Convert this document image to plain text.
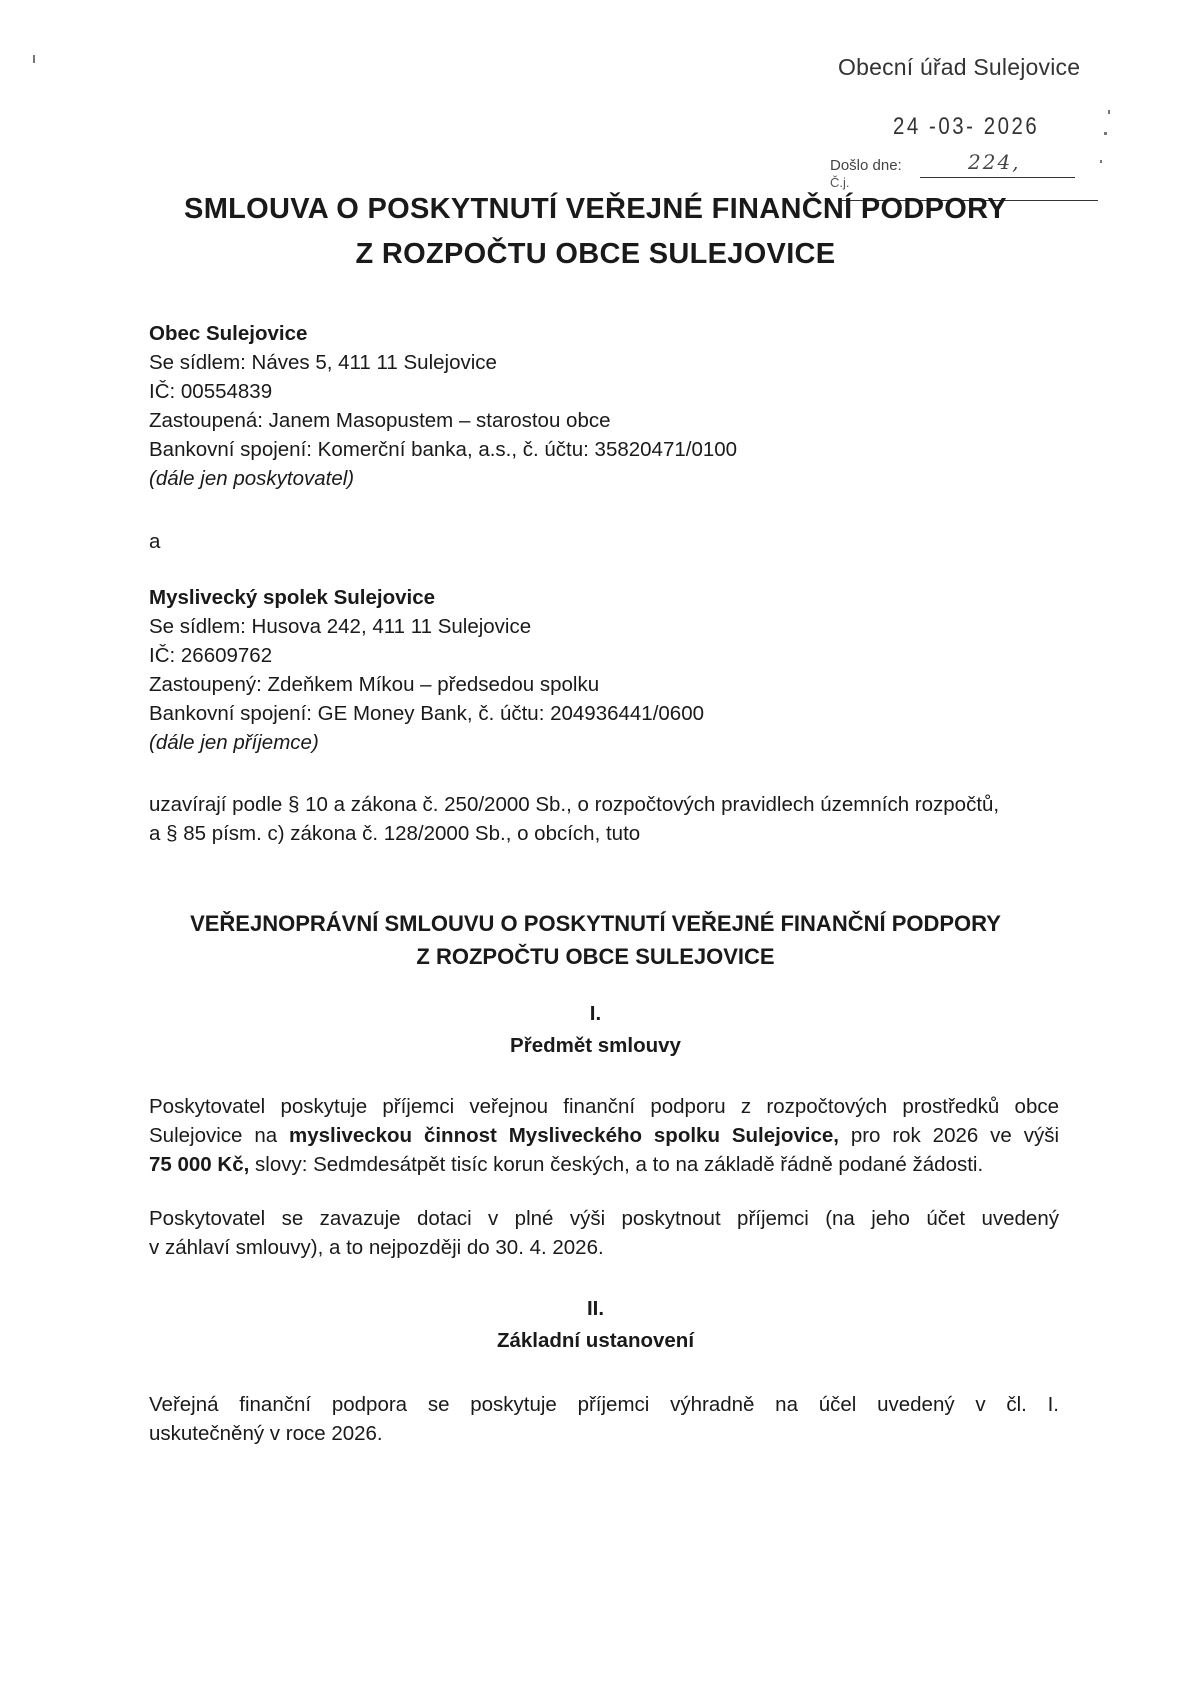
Obecní úřad Sulejovice
24 -03- 2026
Došlo dne:	224,
Č.j.
SMLOUVA O POSKYTNUTÍ VEŘEJNÉ FINANČNÍ PODPORY
Z ROZPOČTU OBCE SULEJOVICE
Obec Sulejovice
Se sídlem: Náves 5, 411 11 Sulejovice
IČ: 00554839
Zastoupená: Janem Masopustem – starostou obce
Bankovní spojení: Komerční banka, a.s., č. účtu: 35820471/0100
(dále jen poskytovatel)
a
Myslivecký spolek Sulejovice
Se sídlem: Husova 242, 411 11 Sulejovice
IČ: 26609762
Zastoupený: Zdeňkem Míkou – předsedou spolku
Bankovní spojení: GE Money Bank, č. účtu: 204936441/0600
(dále jen příjemce)
uzavírají podle § 10 a zákona č. 250/2000 Sb., o rozpočtových pravidlech územních rozpočtů,
a § 85 písm. c) zákona č. 128/2000 Sb., o obcích, tuto
VEŘEJNOPRÁVNÍ SMLOUVU O POSKYTNUTÍ VEŘEJNÉ FINANČNÍ PODPORY
Z ROZPOČTU OBCE SULEJOVICE
I.
Předmět smlouvy
Poskytovatel poskytuje příjemci veřejnou finanční podporu z rozpočtových prostředků obce
Sulejovice na mysliveckou činnost Mysliveckého spolku Sulejovice, pro rok 2026 ve výši
75 000 Kč, slovy: Sedmdesátpět tisíc korun českých, a to na základě řádně podané žádosti.
Poskytovatel se zavazuje dotaci v plné výši poskytnout příjemci (na jeho účet uvedený
v záhlaví smlouvy), a to nejpozději do 30. 4. 2026.
II.
Základní ustanovení
Veřejná finanční podpora se poskytuje příjemci výhradně na účel uvedený v čl. I.
uskutečněný v roce 2026.
